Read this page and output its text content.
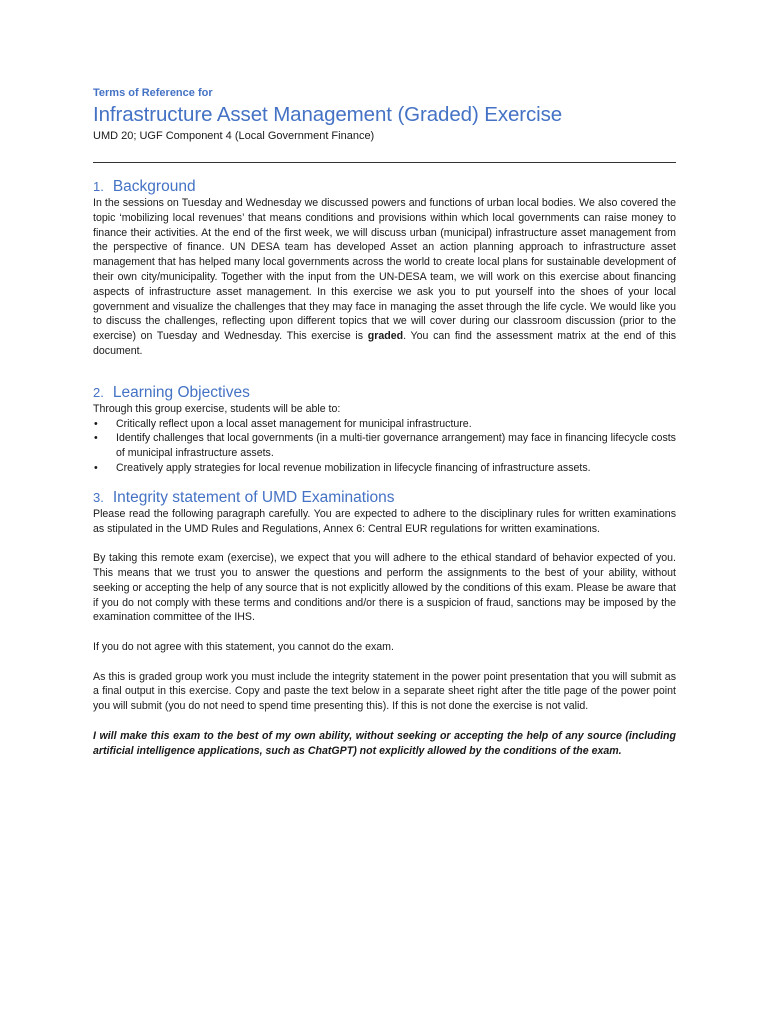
Terms of Reference for

Infrastructure Asset Management (Graded) Exercise

UMD 20; UGF Component 4 (Local Government Finance)

1. Background

In the sessions on Tuesday and Wednesday we discussed powers and functions of urban local bodies. We also covered the topic ‘mobilizing local revenues’ that means conditions and provisions within which local governments can raise money to finance their activities. At the end of the first week, we will discuss urban (municipal) infrastructure asset management from the perspective of finance. UN DESA team has developed Asset an action planning approach to infrastructure asset management that has helped many local governments across the world to create local plans for sustainable development of their own city/municipality. Together with the input from the UN-DESA team, we will work on this exercise about financing aspects of infrastructure asset management. In this exercise we ask you to put yourself into the shoes of your local government and visualize the challenges that they may face in managing the asset through the life cycle. We would like you to discuss the challenges, reflecting upon different topics that we will cover during our classroom discussion (prior to the exercise) on Tuesday and Wednesday. This exercise is graded. You can find the assessment matrix at the end of this document.

2. Learning Objectives

Through this group exercise, students will be able to:

• Critically reflect upon a local asset management for municipal infrastructure.
• Identify challenges that local governments (in a multi-tier governance arrangement) may face in financing lifecycle costs of municipal infrastructure assets.
• Creatively apply strategies for local revenue mobilization in lifecycle financing of infrastructure assets.
3. Integrity statement of UMD Examinations

Please read the following paragraph carefully. You are expected to adhere to the disciplinary rules for written examinations as stipulated in the UMD Rules and Regulations, Annex 6: Central EUR regulations for written examinations.

By taking this remote exam (exercise), we expect that you will adhere to the ethical standard of behavior expected of you. This means that we trust you to answer the questions and perform the assignments to the best of your ability, without seeking or accepting the help of any source that is not explicitly allowed by the conditions of this exam. Please be aware that if you do not comply with these terms and conditions and/or there is a suspicion of fraud, sanctions may be imposed by the examination committee of the IHS.

If you do not agree with this statement, you cannot do the exam.

As this is graded group work you must include the integrity statement in the power point presentation that you will submit as a final output in this exercise. Copy and paste the text below in a separate sheet right after the title page of the power point you will submit (you do not need to spend time presenting this). If this is not done the exercise is not valid.

I will make this exam to the best of my own ability, without seeking or accepting the help of any source (including artificial intelligence applications, such as ChatGPT) not explicitly allowed by the conditions of the exam.
